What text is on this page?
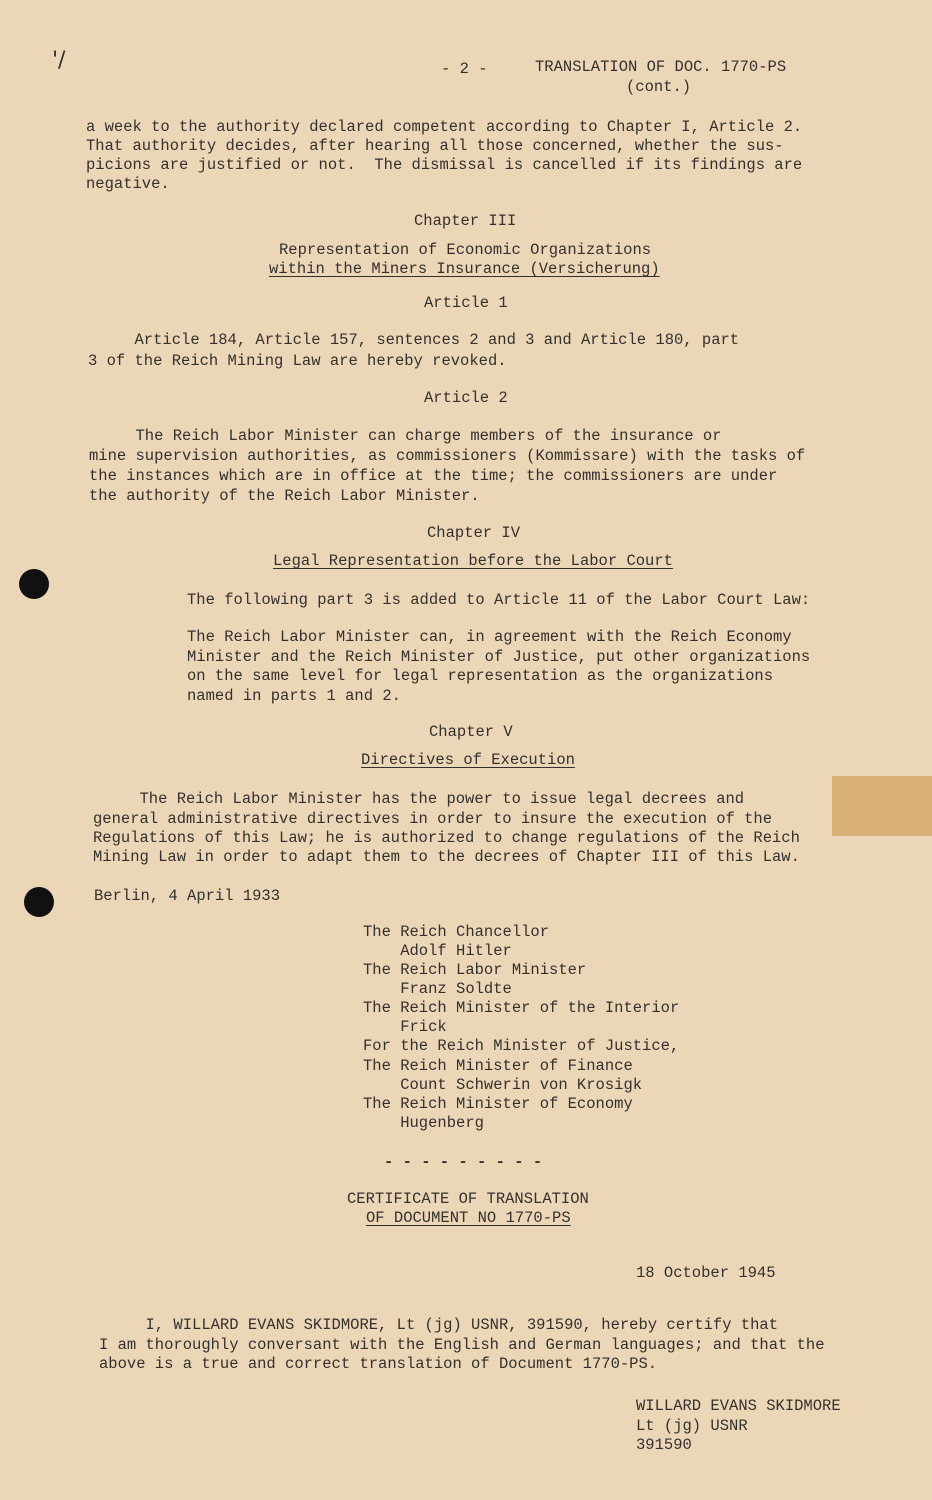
'/	- 2 -	TRANSLATION OF DOC. 1770-PS
(cont.)
a week to the authority declared competent according to Chapter I, Article 2.
That authority decides, after hearing all those concerned, whether the sus-
picions are justified or not.  The dismissal is cancelled if its findings are
negative.
Chapter III
Representation of Economic Organizations
within the Miners Insurance (Versicherung)
Article 1
Article 184, Article 157, sentences 2 and 3 and Article 180, part
3 of the Reich Mining Law are hereby revoked.
Article 2
The Reich Labor Minister can charge members of the insurance or
mine supervision authorities, as commissioners (Kommissare) with the tasks of
the instances which are in office at the time; the commissioners are under
the authority of the Reich Labor Minister.
Chapter IV
Legal Representation before the Labor Court
The following part 3 is added to Article 11 of the Labor Court Law:
The Reich Labor Minister can, in agreement with the Reich Economy
Minister and the Reich Minister of Justice, put other organizations
on the same level for legal representation as the organizations
named in parts 1 and 2.
Chapter V
Directives of Execution
The Reich Labor Minister has the power to issue legal decrees and
general administrative directives in order to insure the execution of the
Regulations of this Law; he is authorized to change regulations of the Reich
Mining Law in order to adapt them to the decrees of Chapter III of this Law.
Berlin, 4 April 1933
The Reich Chancellor
Adolf Hitler
The Reich Labor Minister
Franz Soldte
The Reich Minister of the Interior
Frick
For the Reich Minister of Justice,
The Reich Minister of Finance
Count Schwerin von Krosigk
The Reich Minister of Economy
Hugenberg
- - - - - - - - -
CERTIFICATE OF TRANSLATION
OF DOCUMENT NO 1770-PS
18 October 1945
I, WILLARD EVANS SKIDMORE, Lt (jg) USNR, 391590, hereby certify that
I am thoroughly conversant with the English and German languages; and that the
above is a true and correct translation of Document 1770-PS.
WILLARD EVANS SKIDMORE
Lt (jg) USNR
391590
